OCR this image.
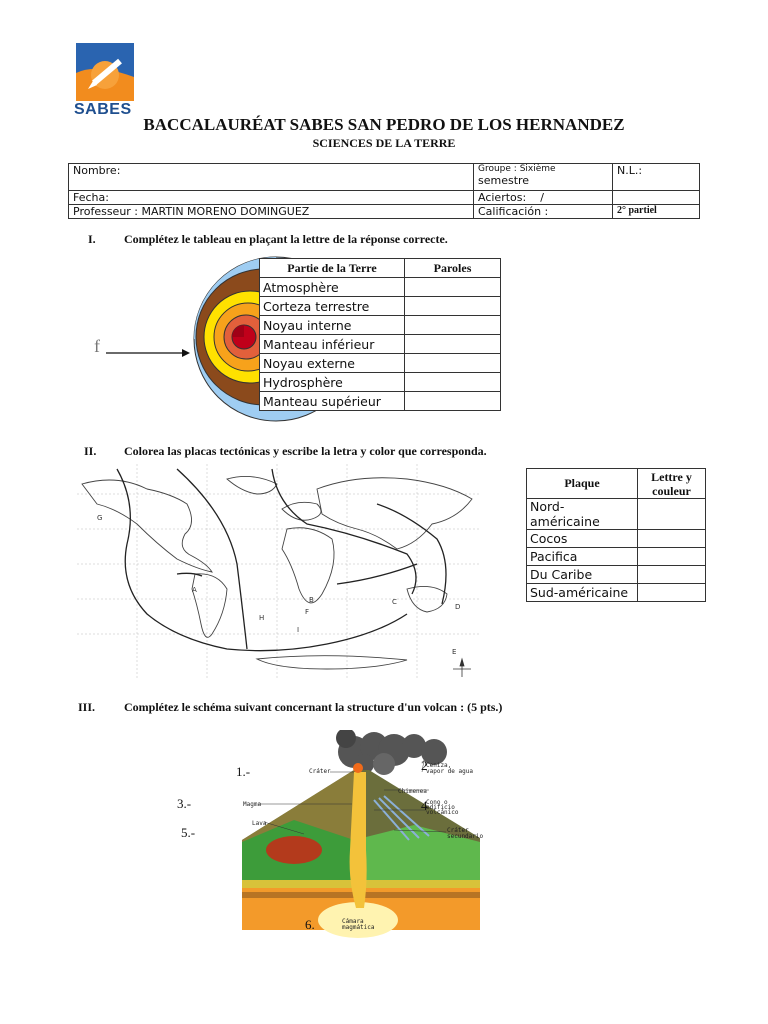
SABES
BACCALAURÉAT SABES SAN PEDRO DE LOS HERNANDEZ
SCIENCES DE LA TERRE
Nombre:	Groupe : Sixième
semestre	N.L.:
Fecha:	Aciertos: /	
Professeur : MARTIN MORENO DOMINGUEZ	Calificación :	2° partiel
I. Complétez le tableau en plaçant la lettre de la réponse correcte.
f
Partie de la Terre	Paroles
Atmosphère	
Corteza terrestre	
Noyau interne	
Manteau inférieur	
Noyau externe	
Hydrosphère	
Manteau supérieur	
II. Colorea las placas tectónicas y escribe la letra y color que corresponda.
G
A
B	C
D
E
F
H
I
Plaque	Lettre y
couleur

Nord-américaine	
Cocos	
Pacifica	
Du Caribe	
Sud-américaine	
III. Complétez le schéma suivant concernant la structure d'un volcan : (5 pts.)
Cráter
Ceniza,
vapor de agua
Chimenea
Magma	Cono o
edificio
volcánico
Lava
Cráter
secundario
Cámara
magmática
1.-	2
3.-	4
5.-
6.
